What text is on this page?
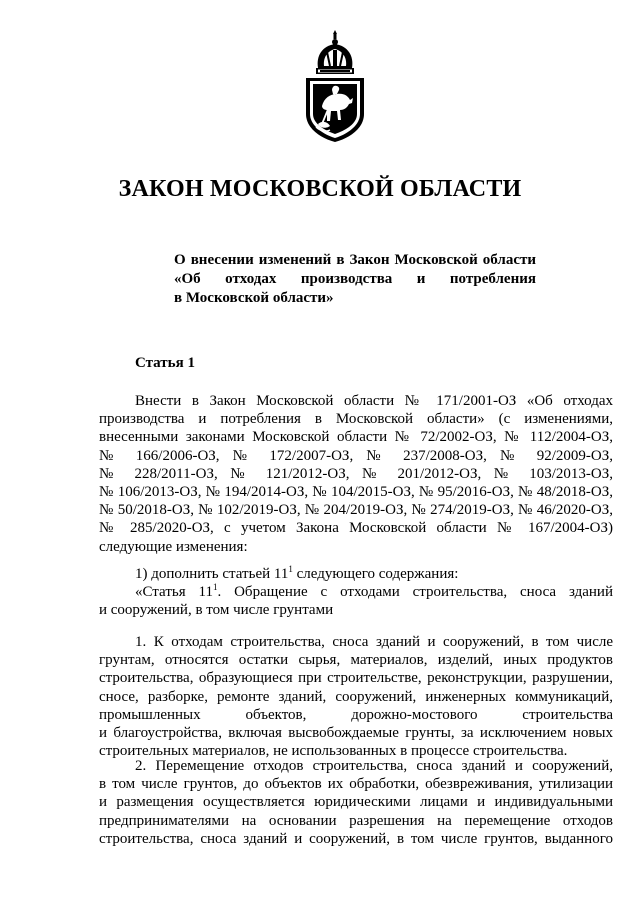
ЗАКОН МОСКОВСКОЙ ОБЛАСТИ
О внесении изменений в Закон Московской области
«Об отходах производства и потребления
в Московской области»
Статья 1
Внести в Закон Московской области № 171/2001-ОЗ «Об отходах
производства и потребления в Московской области» (с изменениями,
внесенными законами Московской области № 72/2002-ОЗ, № 112/2004-ОЗ,
№ 166/2006-ОЗ, № 172/2007-ОЗ, № 237/2008-ОЗ, № 92/2009-ОЗ,
№ 228/2011-ОЗ, № 121/2012-ОЗ, № 201/2012-ОЗ, № 103/2013-ОЗ,
№ 106/2013-ОЗ, № 194/2014-ОЗ, № 104/2015-ОЗ, № 95/2016-ОЗ, № 48/2018-ОЗ,
№ 50/2018-ОЗ, № 102/2019-ОЗ, № 204/2019-ОЗ, № 274/2019-ОЗ, № 46/2020-ОЗ,
№ 285/2020-ОЗ, с учетом Закона Московской области № 167/2004-ОЗ)
следующие изменения:
1) дополнить статьей $11^1$ следующего содержания:
«Статья $11^1$. Обращение с отходами строительства, сноса зданий
и сооружений, в том числе грунтами
1. К отходам строительства, сноса зданий и сооружений, в том числе
грунтам, относятся остатки сырья, материалов, изделий, иных продуктов
строительства, образующиеся при строительстве, реконструкции, разрушении,
сносе, разборке, ремонте зданий, сооружений, инженерных коммуникаций,
промышленных объектов, дорожно-мостового строительства
и благоустройства, включая высвобождаемые грунты, за исключением новых
строительных материалов, не использованных в процессе строительства.
2. Перемещение отходов строительства, сноса зданий и сооружений,
в том числе грунтов, до объектов их обработки, обезвреживания, утилизации
и размещения осуществляется юридическими лицами и индивидуальными
предпринимателями на основании разрешения на перемещение отходов
строительства, сноса зданий и сооружений, в том числе грунтов, выданного
